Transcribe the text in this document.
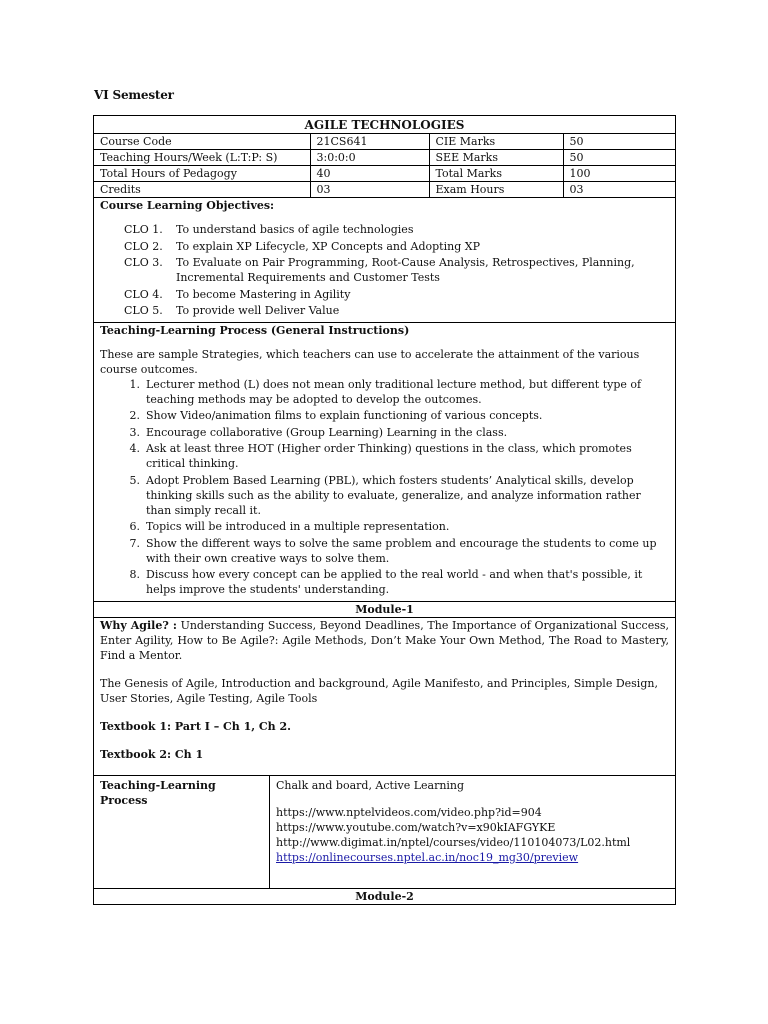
VI Semester
AGILE TECHNOLOGIES
Course Code	21CS641	CIE Marks	50
Teaching Hours/Week (L:T:P: S)	3:0:0:0	SEE Marks	50
Total Hours of Pedagogy	40	Total Marks	100
Credits	03	Exam Hours	03
Course Learning Objectives:
CLO 1.	To understand basics of agile technologies
CLO 2.	To explain XP Lifecycle, XP Concepts and Adopting XP
CLO 3.	To Evaluate on Pair Programming, Root-Cause Analysis, Retrospectives, Planning, Incremental Requirements and Customer Tests
CLO 4.	To become Mastering in Agility
CLO 5.	To provide well Deliver Value
Teaching-Learning Process (General Instructions)
These are sample Strategies, which teachers can use to accelerate the attainment of the various course outcomes.
1. Lecturer method (L) does not mean only traditional lecture method, but different type of teaching methods may be adopted to develop the outcomes.
2. Show Video/animation films to explain functioning of various concepts.
3. Encourage collaborative (Group Learning) Learning in the class.
4. Ask at least three HOT (Higher order Thinking) questions in the class, which promotes critical thinking.
5. Adopt Problem Based Learning (PBL), which fosters students’ Analytical skills, develop thinking skills such as the ability to evaluate, generalize, and analyze information rather than simply recall it.
6. Topics will be introduced in a multiple representation.
7. Show the different ways to solve the same problem and encourage the students to come up with their own creative ways to solve them.
8. Discuss how every concept can be applied to the real world - and when that's possible, it helps improve the students' understanding.
Module-1

Why Agile? : Understanding Success, Beyond Deadlines, The Importance of Organizational Success, Enter Agility, How to Be Agile?: Agile Methods, Don’t Make Your Own Method, The Road to Mastery, Find a Mentor.

The Genesis of Agile, Introduction and background, Agile Manifesto, and Principles, Simple Design, User Stories, Agile Testing, Agile Tools

Textbook 1: Part I – Ch 1, Ch 2.

Textbook 2: Ch 1

Teaching-Learning Process
Chalk and board, Active Learning
https://www.nptelvideos.com/video.php?id=904
https://www.youtube.com/watch?v=x90kIAFGYKE
http://www.digimat.in/nptel/courses/video/110104073/L02.html
https://onlinecourses.nptel.ac.in/noc19_mg30/preview
Module-2
